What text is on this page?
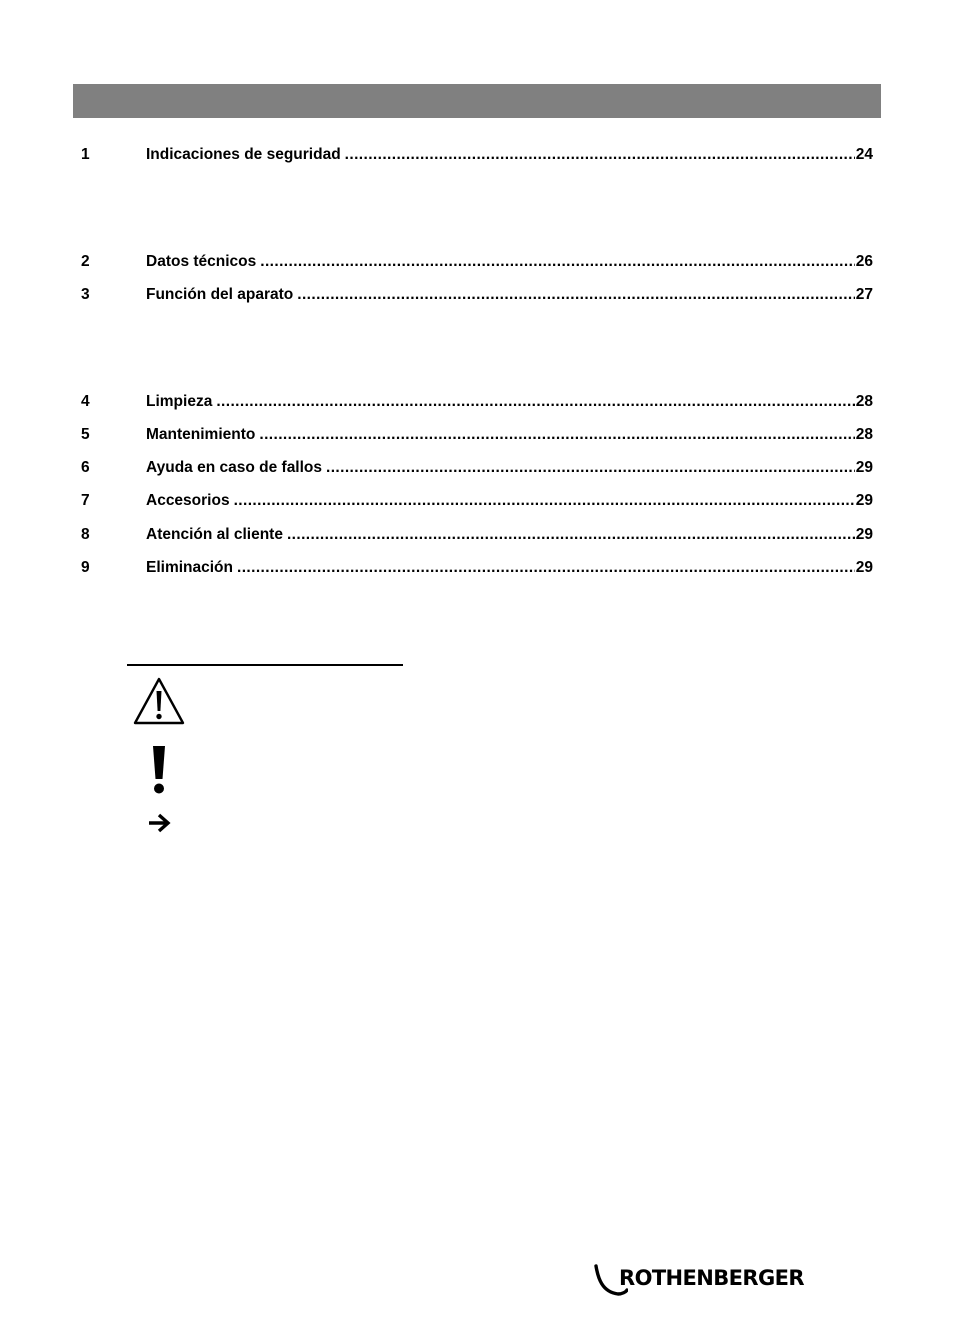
1	Indicaciones de seguridad .....	24
2	Datos técnicos .....	26
3	Función del aparato .....	27
4	Limpieza .....	28
5	Mantenimiento .....	28
6	Ayuda en caso de fallos .....	29
7	Accesorios .....	29
8	Atención al cliente .....	29
9	Eliminación .....	29
ROTHENBERGER
